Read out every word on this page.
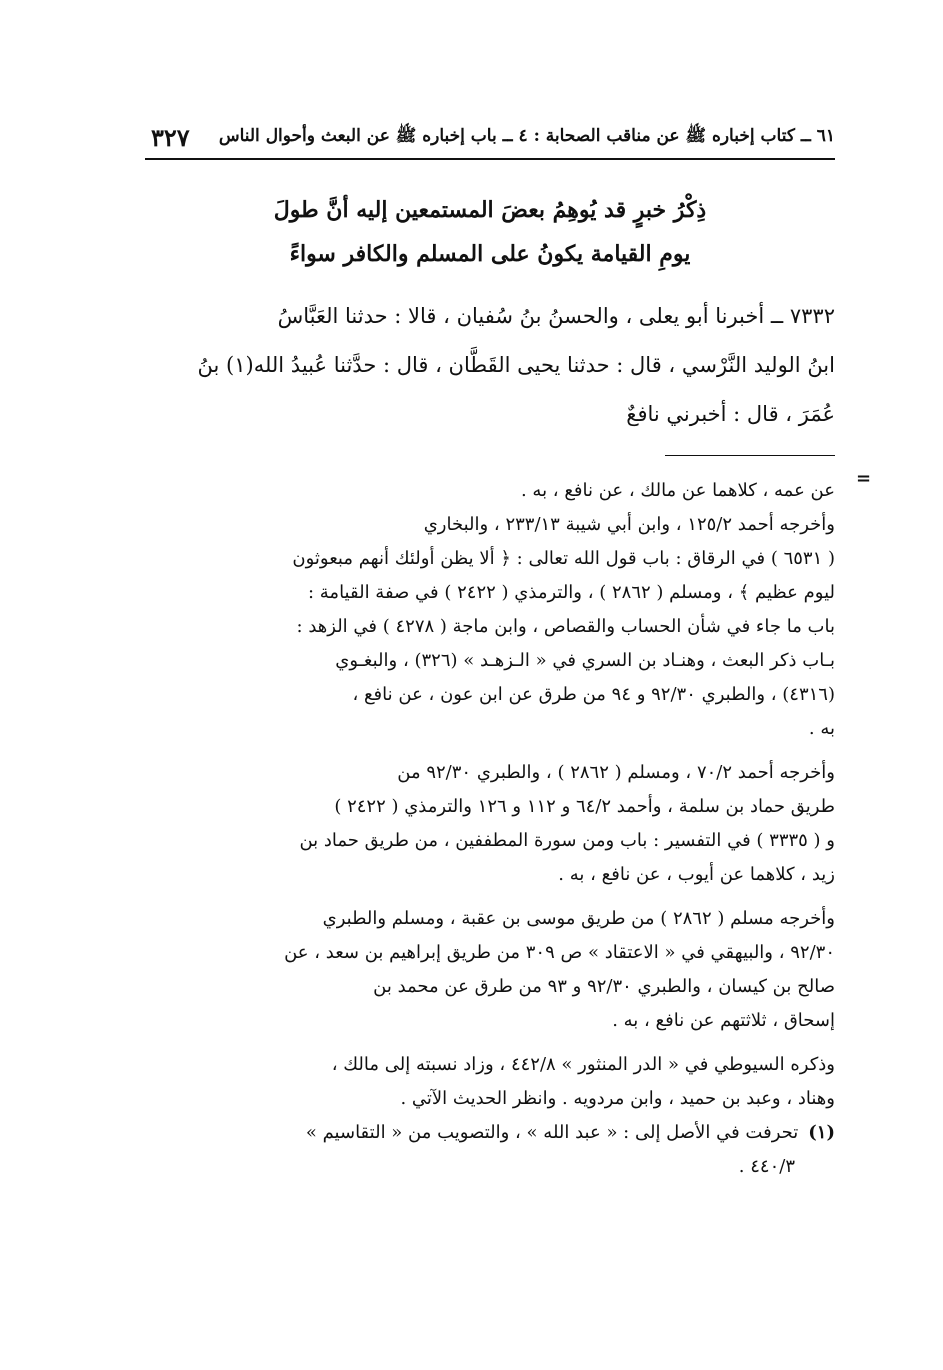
٦١ ــ كتاب إخباره ﷺ عن مناقب الصحابة : ٤ ــ باب إخباره ﷺ عن البعث وأحوال الناس
٣٢٧
ذِكْرُ خبرٍ قد يُوهِمُ بعضَ المستمعين إليه أنَّ طولَ
يومِ القيامة يكونُ على المسلم والكافر سواءً
٧٣٣٢ ــ أخبرنا أبو يعلى ، والحسنُ بنُ سُفيان ، قالا : حدثنا العَبَّاسُ
ابنُ الوليد النَّرْسي ، قال : حدثنا يحيى القَطَّان ، قال : حدَّثنا عُبيدُ الله(١) بنُ
عُمَرَ ، قال : أخبرني نافعٌ
=
عن عمه ، كلاهما عن مالك ، عن نافع ، به .
وأخرجه أحمد ١٢٥/٢ ، وابن أبي شيبة ٢٣٣/١٣ ، والبخاري
( ٦٥٣١ ) في الرقاق : باب قول الله تعالى : ﴿ ألا يظن أولئك أنهم مبعوثون
ليوم عظيم ﴾ ، ومسلم ( ٢٨٦٢ ) ، والترمذي ( ٢٤٢٢ ) في صفة القيامة :
باب ما جاء في شأن الحساب والقصاص ، وابن ماجة ( ٤٢٧٨ ) في الزهد :
بـاب ذكر البعث ، وهنـاد بن السري في « الـزهـد » (٣٢٦) ، والبغـوي
(٤٣١٦) ، والطبري ٩٢/٣٠ و ٩٤ من طرق عن ابن عون ، عن نافع ،
به .
وأخرجه أحمد ٧٠/٢ ، ومسلم ( ٢٨٦٢ ) ، والطبري ٩٢/٣٠ من
طريق حماد بن سلمة ، وأحمد ٦٤/٢ و ١١٢ و ١٢٦ والترمذي ( ٢٤٢٢ )
و ( ٣٣٣٥ ) في التفسير : باب ومن سورة المطففين ، من طريق حماد بن
زيد ، كلاهما عن أيوب ، عن نافع ، به .
وأخرجه مسلم ( ٢٨٦٢ ) من طريق موسى بن عقبة ، ومسلم والطبري
٩٢/٣٠ ، والبيهقي في « الاعتقاد » ص ٣٠٩ من طريق إبراهيم بن سعد ، عن
صالح بن كيسان ، والطبري ٩٢/٣٠ و ٩٣ من طرق عن محمد بن
إسحاق ، ثلاثتهم عن نافع ، به .
وذكره السيوطي في « الدر المنثور » ٤٤٢/٨ ، وزاد نسبته إلى مالك ،
وهناد ، وعبد بن حميد ، وابن مردويه . وانظر الحديث الآتي .
(١)تحرفت في الأصل إلى : « عبد الله » ، والتصويب من « التقاسيم »
٤٤٠/٣ .
